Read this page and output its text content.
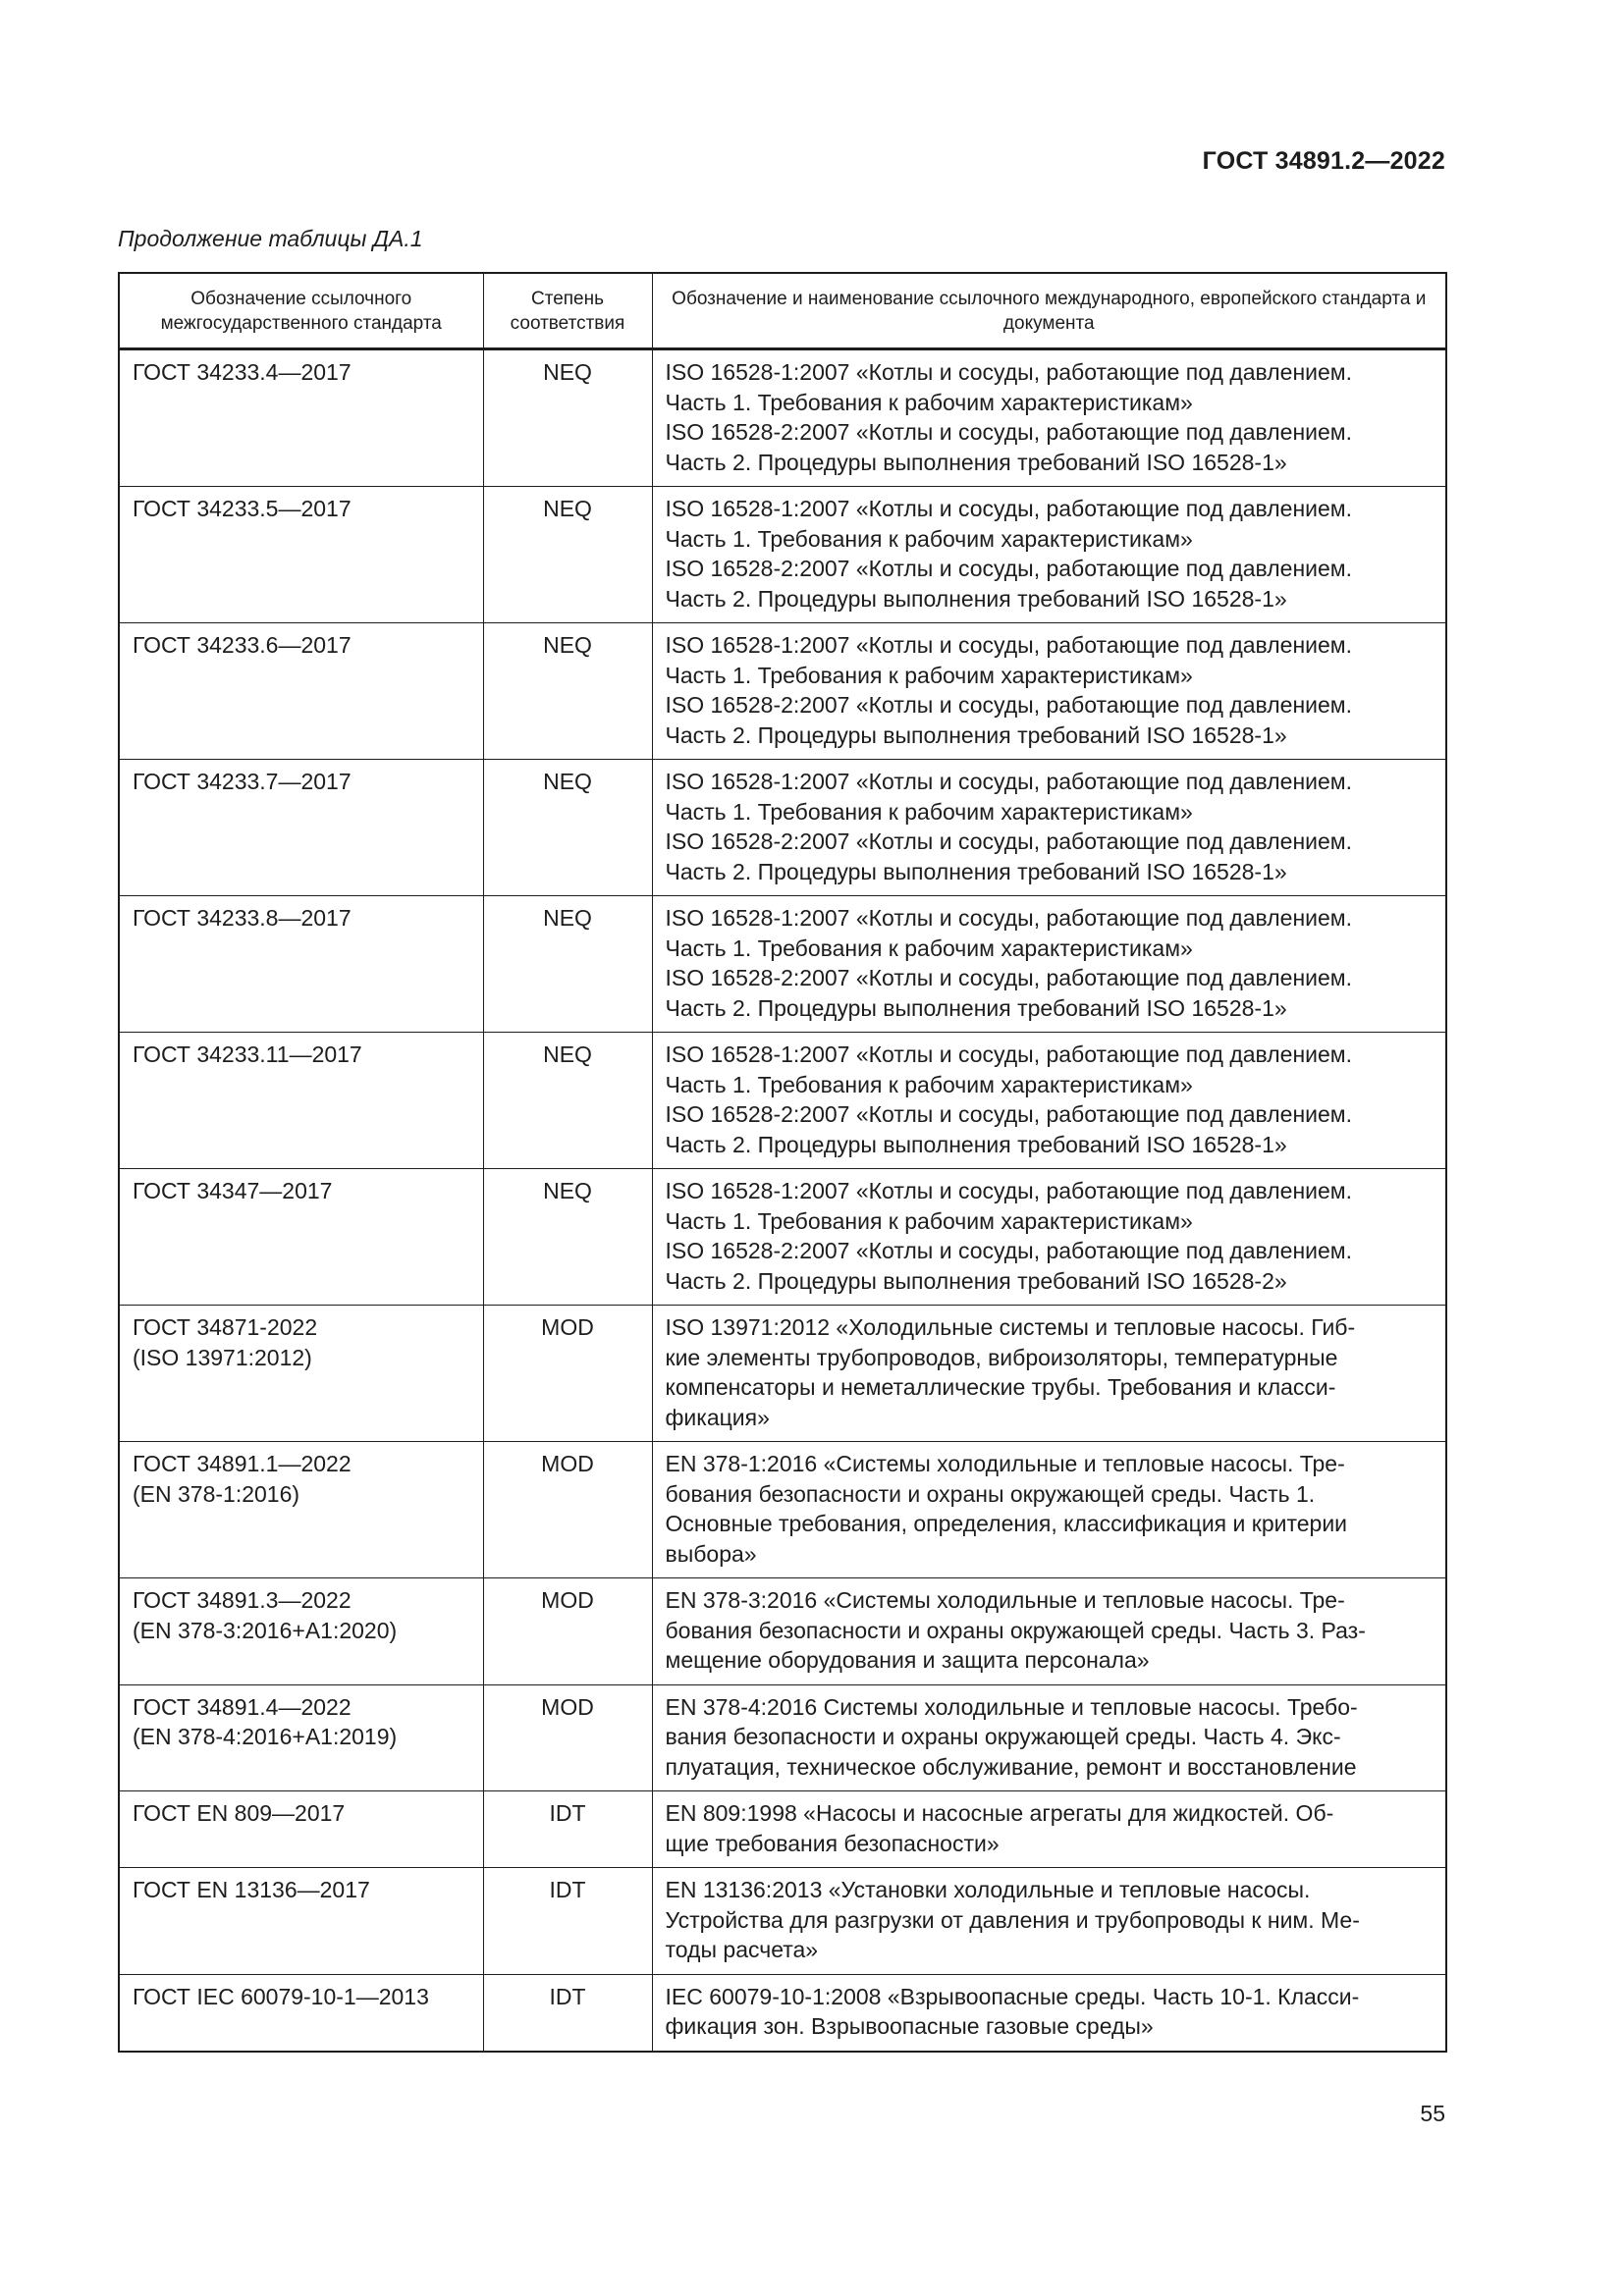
ГОСТ 34891.2—2022
Продолжение таблицы ДА.1
Обозначение ссылочного межгосударственного стандарта	Степень соответствия	Обозначение и наименование ссылочного международного, европейского стандарта и документа

ГОСТ 34233.4—2017	NEQ	ISO 16528-1:2007 «Котлы и сосуды, работающие под давлением.
Часть 1. Требования к рабочим характеристикам»
ISO 16528-2:2007 «Котлы и сосуды, работающие под давлением.
Часть 2. Процедуры выполнения требований ISO 16528-1»

ГОСТ 34233.5—2017	NEQ	ISO 16528-1:2007 «Котлы и сосуды, работающие под давлением.
Часть 1. Требования к рабочим характеристикам»
ISO 16528-2:2007 «Котлы и сосуды, работающие под давлением.
Часть 2. Процедуры выполнения требований ISO 16528-1»

ГОСТ 34233.6—2017	NEQ	ISO 16528-1:2007 «Котлы и сосуды, работающие под давлением.
Часть 1. Требования к рабочим характеристикам»
ISO 16528-2:2007 «Котлы и сосуды, работающие под давлением.
Часть 2. Процедуры выполнения требований ISO 16528-1»

ГОСТ 34233.7—2017	NEQ	ISO 16528-1:2007 «Котлы и сосуды, работающие под давлением.
Часть 1. Требования к рабочим характеристикам»
ISO 16528-2:2007 «Котлы и сосуды, работающие под давлением.
Часть 2. Процедуры выполнения требований ISO 16528-1»

ГОСТ 34233.8—2017	NEQ	ISO 16528-1:2007 «Котлы и сосуды, работающие под давлением.
Часть 1. Требования к рабочим характеристикам»
ISO 16528-2:2007 «Котлы и сосуды, работающие под давлением.
Часть 2. Процедуры выполнения требований ISO 16528-1»

ГОСТ 34233.11—2017	NEQ	ISO 16528-1:2007 «Котлы и сосуды, работающие под давлением.
Часть 1. Требования к рабочим характеристикам»
ISO 16528-2:2007 «Котлы и сосуды, работающие под давлением.
Часть 2. Процедуры выполнения требований ISO 16528-1»

ГОСТ 34347—2017	NEQ	ISO 16528-1:2007 «Котлы и сосуды, работающие под давлением.
Часть 1. Требования к рабочим характеристикам»
ISO 16528-2:2007 «Котлы и сосуды, работающие под давлением.
Часть 2. Процедуры выполнения требований ISO 16528-2»

ГОСТ 34871-2022
(ISO 13971:2012)	MOD	ISO 13971:2012 «Холодильные системы и тепловые насосы. Гиб-
кие элементы трубопроводов, виброизоляторы, температурные
компенсаторы и неметаллические трубы. Требования и класси-
фикация»

ГОСТ 34891.1—2022
(EN 378-1:2016)	MOD	EN 378-1:2016 «Системы холодильные и тепловые насосы. Тре-
бования безопасности и охраны окружающей среды. Часть 1.
Основные требования, определения, классификация и критерии
выбора»

ГОСТ 34891.3—2022
(EN 378-3:2016+A1:2020)	MOD	EN 378-3:2016 «Системы холодильные и тепловые насосы. Тре-
бования безопасности и охраны окружающей среды. Часть 3. Раз-
мещение оборудования и защита персонала»

ГОСТ 34891.4—2022
(EN 378-4:2016+A1:2019)	MOD	EN 378-4:2016 Системы холодильные и тепловые насосы. Требо-
вания безопасности и охраны окружающей среды. Часть 4. Экс-
плуатация, техническое обслуживание, ремонт и восстановление

ГОСТ EN 809—2017	IDT	EN 809:1998 «Насосы и насосные агрегаты для жидкостей. Об-
щие требования безопасности»

ГОСТ EN 13136—2017	IDT	EN 13136:2013 «Установки холодильные и тепловые насосы.
Устройства для разгрузки от давления и трубопроводы к ним. Ме-
тоды расчета»

ГОСТ IEC 60079-10-1—2013	IDT	IEC 60079-10-1:2008 «Взрывоопасные среды. Часть 10-1. Класси-
фикация зон. Взрывоопасные газовые среды»
55
